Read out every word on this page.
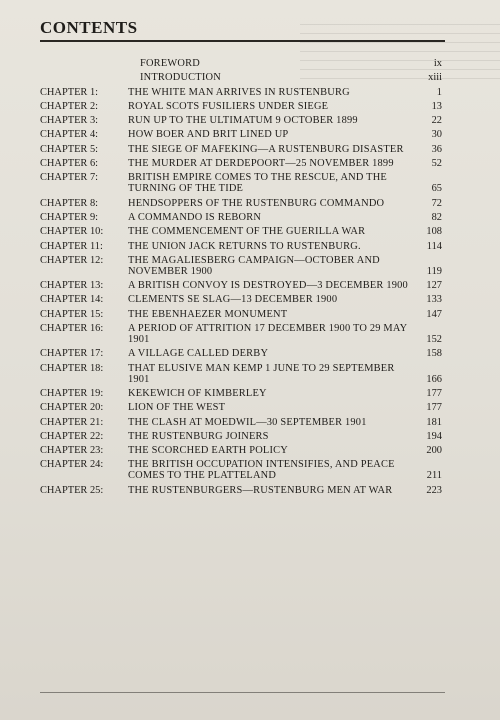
CONTENTS
FOREWORD	ix
INTRODUCTION	xiii
CHAPTER 1:	THE WHITE MAN ARRIVES IN RUSTENBURG	1
CHAPTER 2:	ROYAL SCOTS FUSILIERS UNDER SIEGE	13
CHAPTER 3:	RUN UP TO THE ULTIMATUM 9 OCTOBER 1899	22
CHAPTER 4:	HOW BOER AND BRIT LINED UP	30
CHAPTER 5:	THE SIEGE OF MAFEKING—A RUSTENBURG DISASTER	36
CHAPTER 6:	THE MURDER AT DERDEPOORT—25 NOVEMBER 1899	52
CHAPTER 7:	BRITISH EMPIRE COMES TO THE RESCUE, AND THE TURNING OF THE TIDE	65
CHAPTER 8:	HENDSOPPERS OF THE RUSTENBURG COMMANDO	72
CHAPTER 9:	A COMMANDO IS REBORN	82
CHAPTER 10:	THE COMMENCEMENT OF THE GUERILLA WAR	108
CHAPTER 11:	THE UNION JACK RETURNS TO RUSTENBURG.	114
CHAPTER 12:	THE MAGALIESBERG CAMPAIGN—OCTOBER AND NOVEMBER 1900	119
CHAPTER 13:	A BRITISH CONVOY IS DESTROYED—3 DECEMBER 1900	127
CHAPTER 14:	CLEMENTS SE SLAG—13 DECEMBER 1900	133
CHAPTER 15:	THE EBENHAEZER MONUMENT	147
CHAPTER 16:	A PERIOD OF ATTRITION 17 DECEMBER 1900 TO 29 MAY 1901	152
CHAPTER 17:	A VILLAGE CALLED DERBY	158
CHAPTER 18:	THAT ELUSIVE MAN KEMP 1 JUNE TO 29 SEPTEMBER 1901	166
CHAPTER 19:	KEKEWICH OF KIMBERLEY	177
CHAPTER 20:	LION OF THE WEST	177
CHAPTER 21:	THE CLASH AT MOEDWIL—30 SEPTEMBER 1901	181
CHAPTER 22:	THE RUSTENBURG JOINERS	194
CHAPTER 23:	THE SCORCHED EARTH POLICY	200
CHAPTER 24:	THE BRITISH OCCUPATION INTENSIFIES, AND PEACE COMES TO THE PLATTELAND	211
CHAPTER 25:	THE RUSTENBURGERS—RUSTENBURG MEN AT WAR	223
